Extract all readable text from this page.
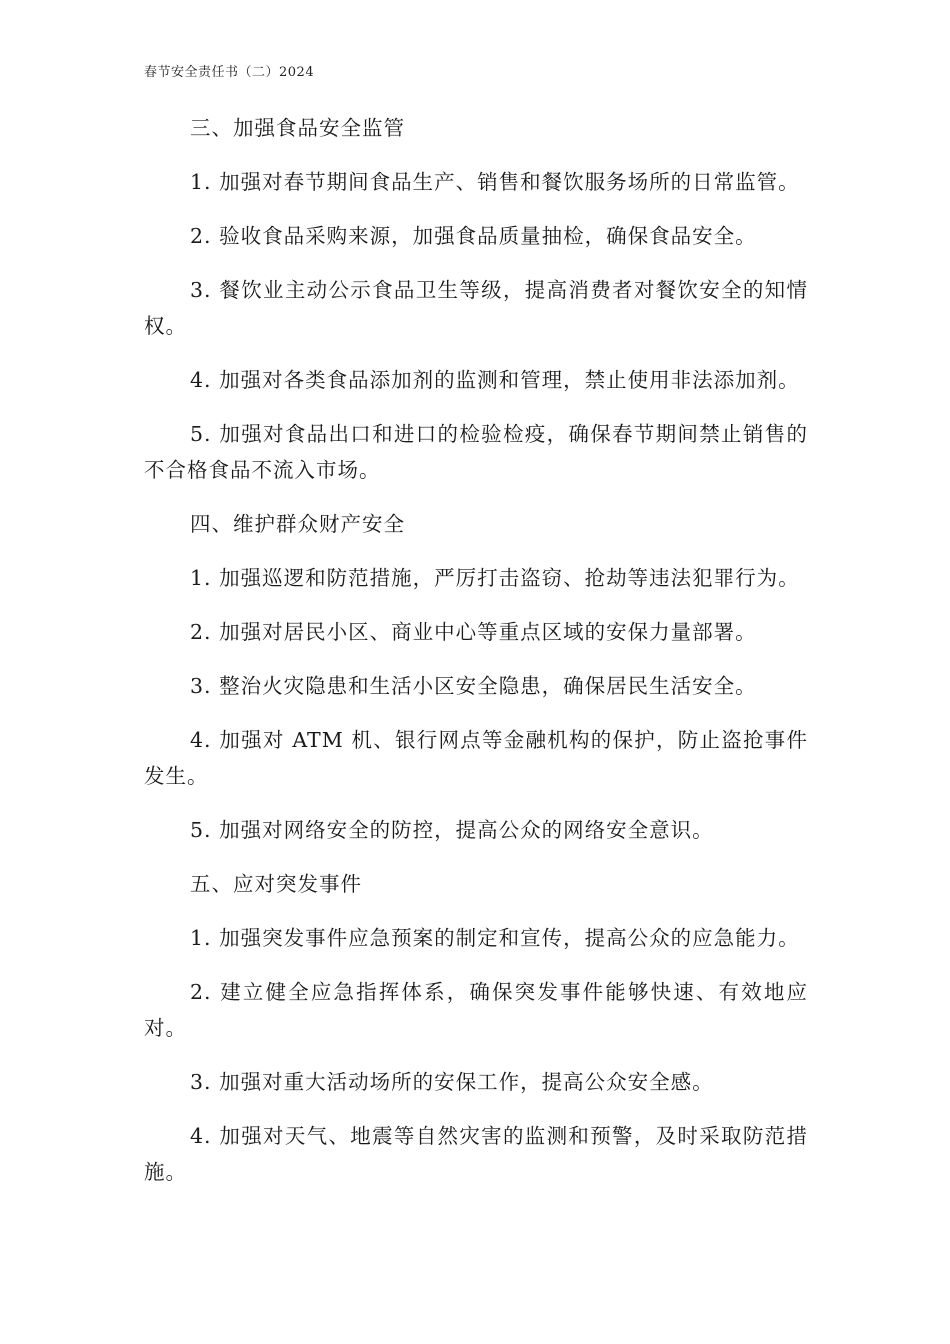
春节安全责任书（二）2024

三、加强食品安全监管

1. 加强对春节期间食品生产、销售和餐饮服务场所的日常监管。

2. 验收食品采购来源，加强食品质量抽检，确保食品安全。

3. 餐饮业主动公示食品卫生等级，提高消费者对餐饮安全的知情权。

4. 加强对各类食品添加剂的监测和管理，禁止使用非法添加剂。

5. 加强对食品出口和进口的检验检疫，确保春节期间禁止销售的不合格食品不流入市场。

四、维护群众财产安全

1. 加强巡逻和防范措施，严厉打击盗窃、抢劫等违法犯罪行为。

2. 加强对居民小区、商业中心等重点区域的安保力量部署。

3. 整治火灾隐患和生活小区安全隐患，确保居民生活安全。

4. 加强对 ATM 机、银行网点等金融机构的保护，防止盗抢事件发生。

5. 加强对网络安全的防控，提高公众的网络安全意识。

五、应对突发事件

1. 加强突发事件应急预案的制定和宣传，提高公众的应急能力。

2. 建立健全应急指挥体系，确保突发事件能够快速、有效地应对。

3. 加强对重大活动场所的安保工作，提高公众安全感。

4. 加强对天气、地震等自然灾害的监测和预警，及时采取防范措施。
